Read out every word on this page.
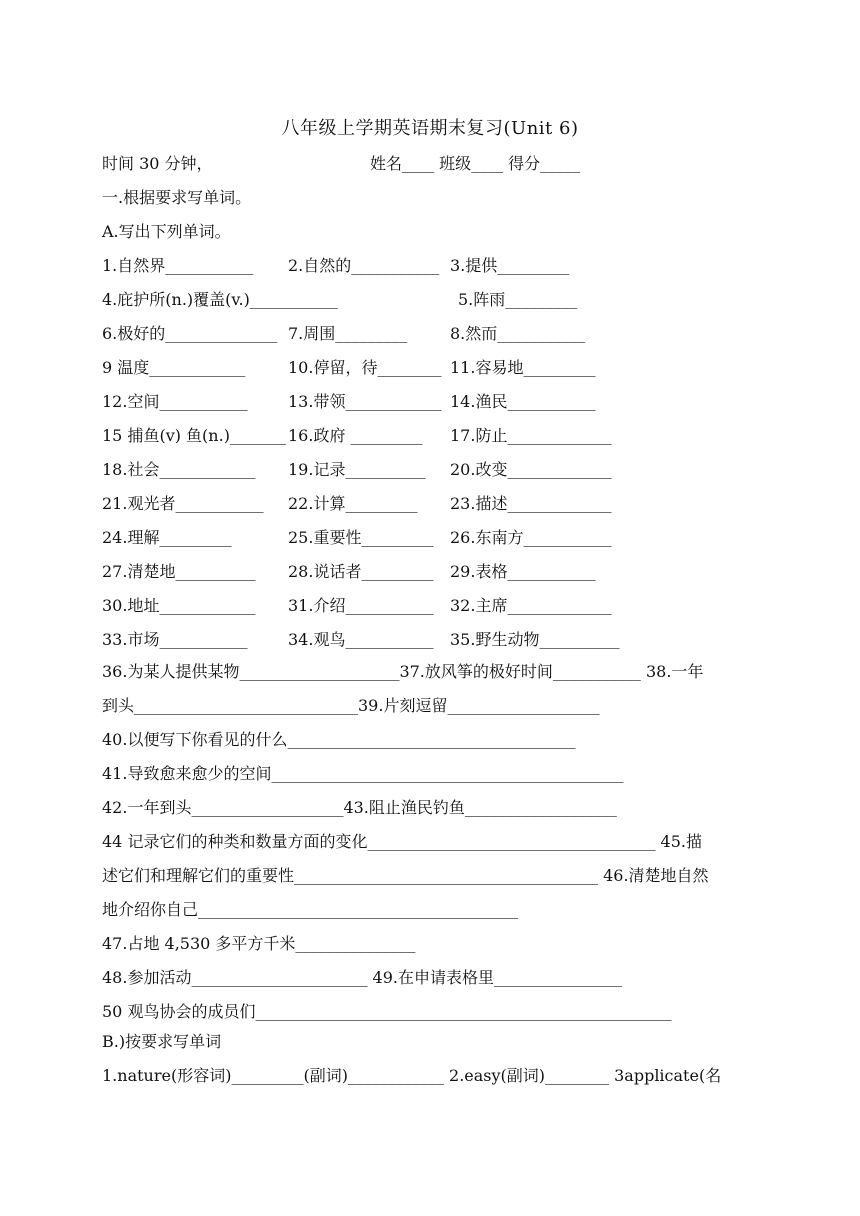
八年级上学期英语期末复习(Unit 6)
时间 30 分钟，	姓名____ 班级____ 得分_____
一.根据要求写单词。
A.写出下列单词。
1.自然界___________ 2.自然的___________ 3.提供_________
4.庇护所(n.)覆盖(v.)___________	5.阵雨_________
6.极好的______________ 7.周围_________	8.然而___________
9 温度____________	10.停留，待________ 11.容易地_________
12.空间___________	13.带领____________ 14.渔民___________
15 捕鱼(v) 鱼(n.)_______ 16.政府 _________ 17.防止_____________
18.社会____________ 19.记录__________ 20.改变_____________
21.观光者___________ 22.计算_________ 23.描述_____________
24.理解_________	25.重要性_________ 26.东南方___________
27.清楚地__________ 28.说话者_________ 29.表格___________
30.地址____________ 31.介绍___________ 32.主席_____________
33.市场___________	34.观鸟___________ 35.野生动物__________
36.为某人提供某物____________________37.放风筝的极好时间___________ 38.一年
到头____________________________39.片刻逗留___________________
40.以便写下你看见的什么____________________________________
41.导致愈来愈少的空间____________________________________________
42.一年到头___________________43.阻止渔民钓鱼___________________
44 记录它们的种类和数量方面的变化____________________________________ 45.描
述它们和理解它们的重要性______________________________________ 46.清楚地自然
地介绍你自己________________________________________
47.占地 4,530 多平方千米_______________
48.参加活动______________________ 49.在申请表格里________________
50 观鸟协会的成员们____________________________________________________
B.)按要求写单词
1.nature(形容词)_________(副词)____________ 2.easy(副词)________ 3applicate(名
